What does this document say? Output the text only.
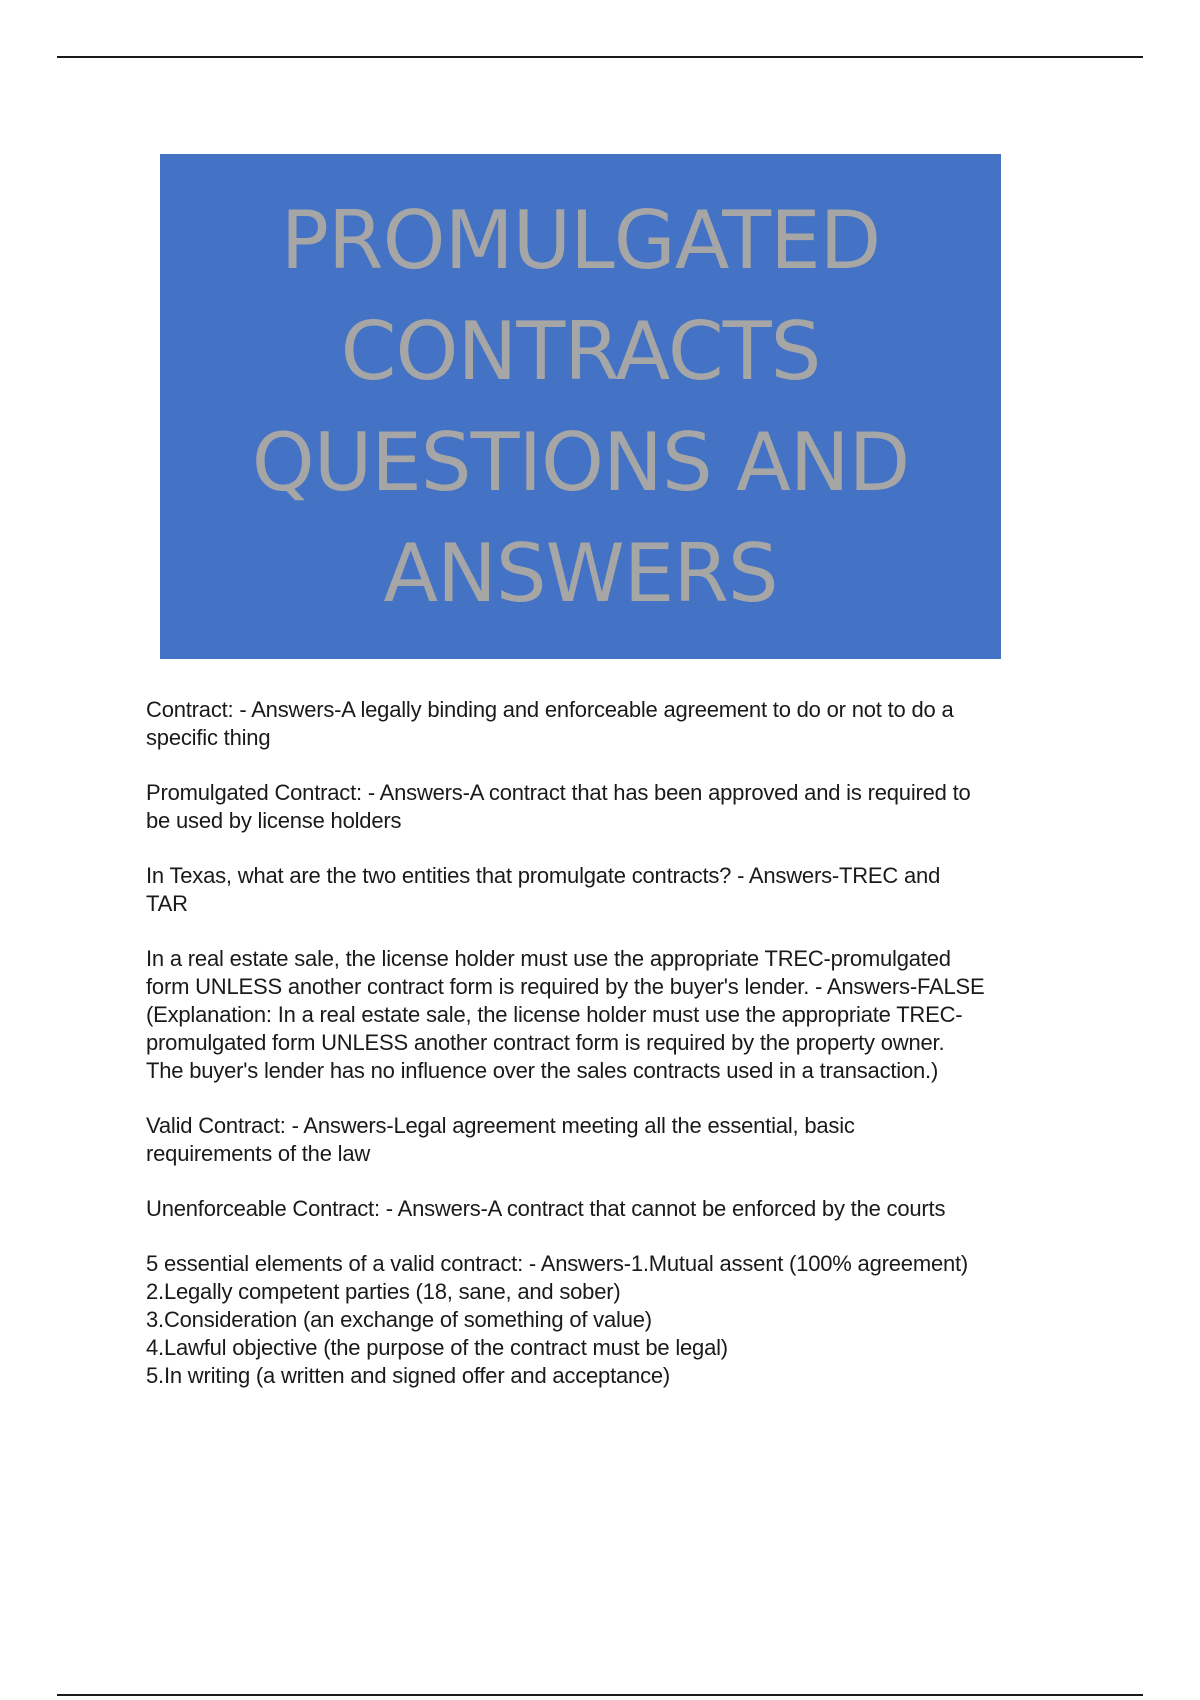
PROMULGATED
CONTRACTS
QUESTIONS AND
ANSWERS

Contract: - Answers-A legally binding and enforceable agreement to do or not to do a
specific thing

Promulgated Contract: - Answers-A contract that has been approved and is required to
be used by license holders

In Texas, what are the two entities that promulgate contracts? - Answers-TREC and
TAR

In a real estate sale, the license holder must use the appropriate TREC-promulgated
form UNLESS another contract form is required by the buyer's lender. - Answers-FALSE
(Explanation: In a real estate sale, the license holder must use the appropriate TREC-
promulgated form UNLESS another contract form is required by the property owner.
The buyer's lender has no influence over the sales contracts used in a transaction.)

Valid Contract: - Answers-Legal agreement meeting all the essential, basic
requirements of the law

Unenforceable Contract: - Answers-A contract that cannot be enforced by the courts

5 essential elements of a valid contract: - Answers-1.Mutual assent (100% agreement)
2.Legally competent parties (18, sane, and sober)
3.Consideration (an exchange of something of value)
4.Lawful objective (the purpose of the contract must be legal)
5.In writing (a written and signed offer and acceptance)
